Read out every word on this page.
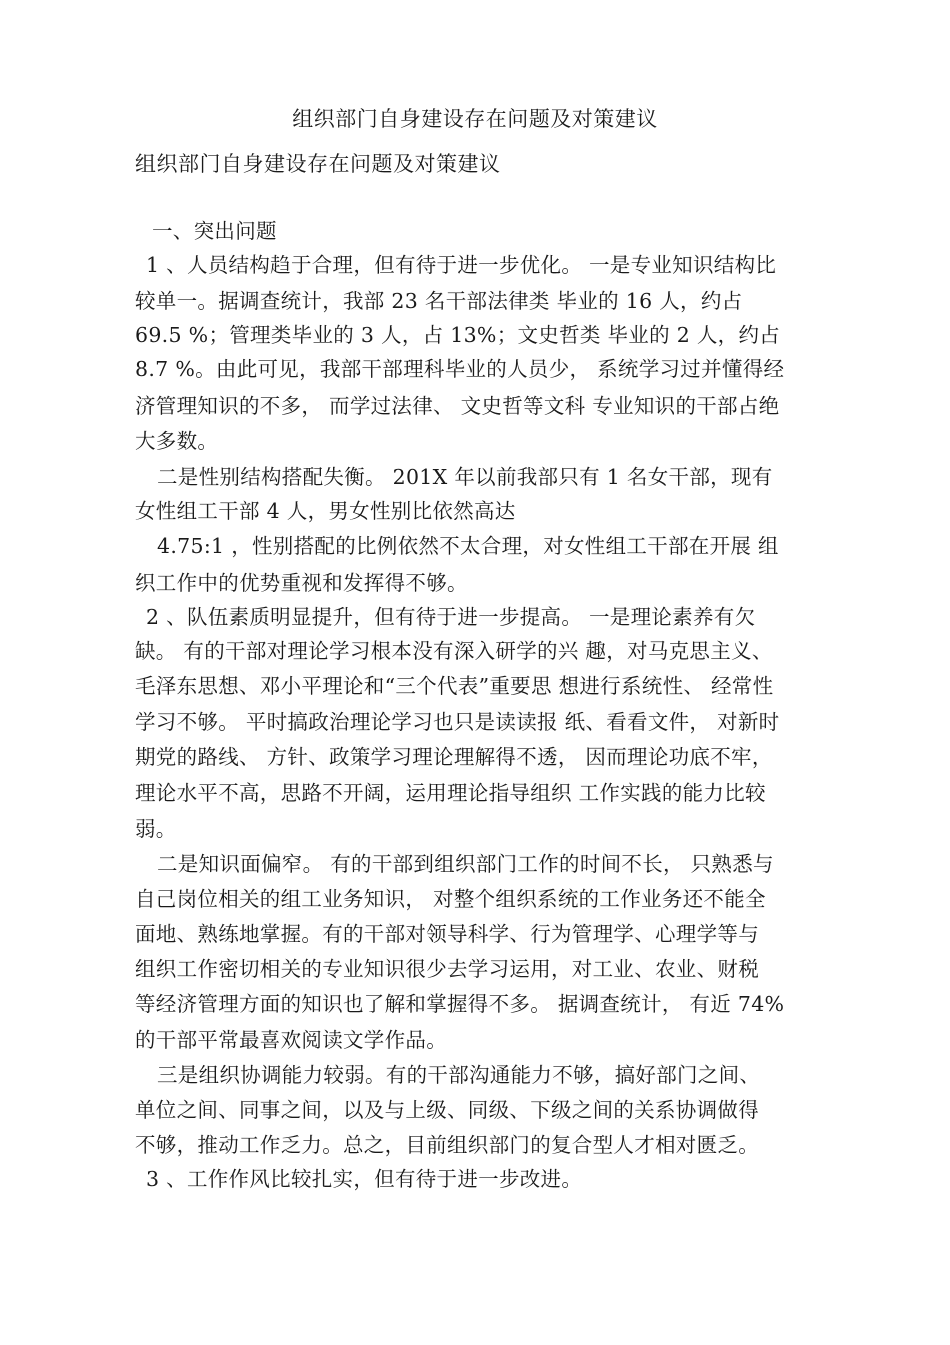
组织部门自身建设存在问题及对策建议
组织部门自身建设存在问题及对策建议
一、突出问题
1 、人员结构趋于合理，但有待于进一步优化。 一是专业知识结构比
较单一。据调查统计，我部 23 名干部法律类 毕业的 16 人，约占
69.5 %；管理类毕业的 3 人，占 13%；文史哲类 毕业的 2 人，约占
8.7 %。由此可见，我部干部理科毕业的人员少， 系统学习过并懂得经
济管理知识的不多， 而学过法律、 文史哲等文科 专业知识的干部占绝
大多数。
二是性别结构搭配失衡。 201X 年以前我部只有 1 名女干部，现有
女性组工干部 4 人，男女性别比依然高达
4.75:1 ，性别搭配的比例依然不太合理，对女性组工干部在开展 组
织工作中的优势重视和发挥得不够。
2 、队伍素质明显提升，但有待于进一步提高。 一是理论素养有欠
缺。 有的干部对理论学习根本没有深入研学的兴 趣，对马克思主义、
毛泽东思想、邓小平理论和“三个代表”重要思 想进行系统性、 经常性
学习不够。 平时搞政治理论学习也只是读读报 纸、看看文件， 对新时
期党的路线、 方针、政策学习理论理解得不透， 因而理论功底不牢，
理论水平不高，思路不开阔，运用理论指导组织 工作实践的能力比较
弱。
二是知识面偏窄。 有的干部到组织部门工作的时间不长， 只熟悉与
自己岗位相关的组工业务知识， 对整个组织系统的工作业务还不能全
面地、熟练地掌握。有的干部对领导科学、行为管理学、心理学等与
组织工作密切相关的专业知识很少去学习运用，对工业、农业、财税
等经济管理方面的知识也了解和掌握得不多。 据调查统计， 有近 74%
的干部平常最喜欢阅读文学作品。
三是组织协调能力较弱。有的干部沟通能力不够，搞好部门之间、
单位之间、同事之间，以及与上级、同级、下级之间的关系协调做得
不够，推动工作乏力。总之，目前组织部门的复合型人才相对匮乏。
3 、工作作风比较扎实，但有待于进一步改进。
